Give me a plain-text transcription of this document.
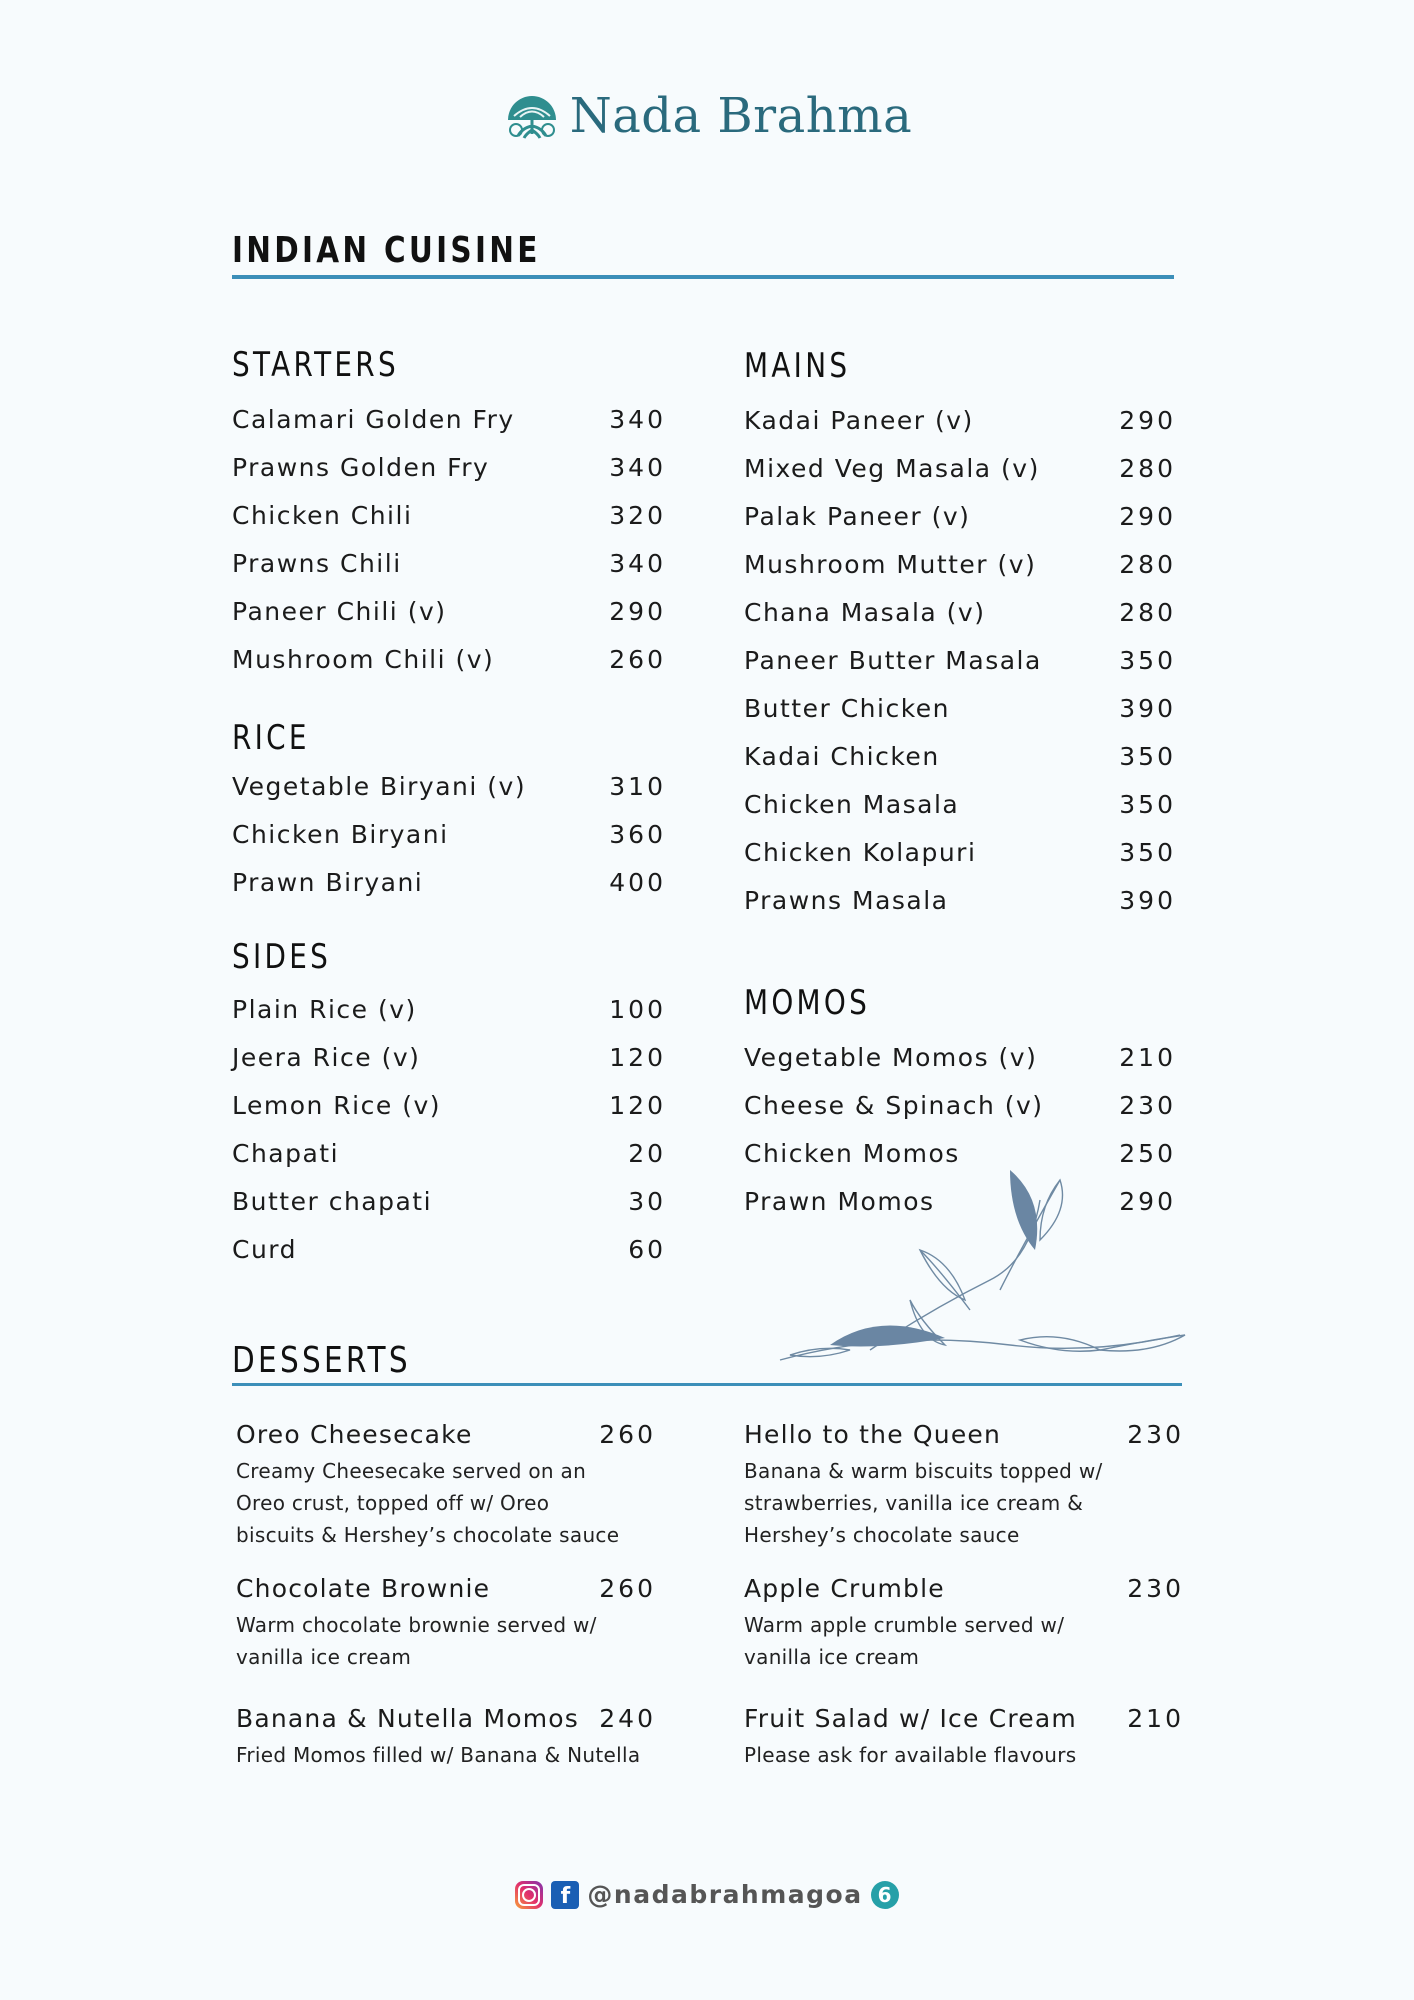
Nada Brahma
INDIAN CUISINE
STARTERS
Calamari Golden Fry	340
Prawns Golden Fry	340
Chicken Chili	320
Prawns Chili	340
Paneer Chili (v)	290
Mushroom Chili (v)	260
RICE
Vegetable Biryani (v)	310
Chicken Biryani	360
Prawn Biryani	400
SIDES
Plain Rice (v)	100
Jeera Rice (v)	120
Lemon Rice (v)	120
Chapati	20
Butter chapati	30
Curd	60
MAINS
Kadai Paneer (v)	290
Mixed Veg Masala (v)	280
Palak Paneer (v)	290
Mushroom Mutter (v)	280
Chana Masala (v)	280
Paneer Butter Masala	350
Butter Chicken	390
Kadai Chicken	350
Chicken Masala	350
Chicken Kolapuri	350
Prawns Masala	390
MOMOS
Vegetable Momos (v)	210
Cheese & Spinach (v)	230
Chicken Momos	250
Prawn Momos	290
DESSERTS
Oreo Cheesecake	260
Creamy Cheesecake served on an Oreo crust, topped off w/ Oreo biscuits & Hershey’s chocolate sauce
Hello to the Queen	230
Banana & warm biscuits topped w/ strawberries, vanilla ice cream & Hershey’s chocolate sauce
Chocolate Brownie	260
Warm chocolate brownie served w/ vanilla ice cream
Apple Crumble	230
Warm apple crumble served w/ vanilla ice cream
Banana & Nutella Momos 240
Fried Momos filled w/ Banana & Nutella
Fruit Salad w/ Ice Cream 210
Please ask for available flavours
f @nadabrahmagoa 6
